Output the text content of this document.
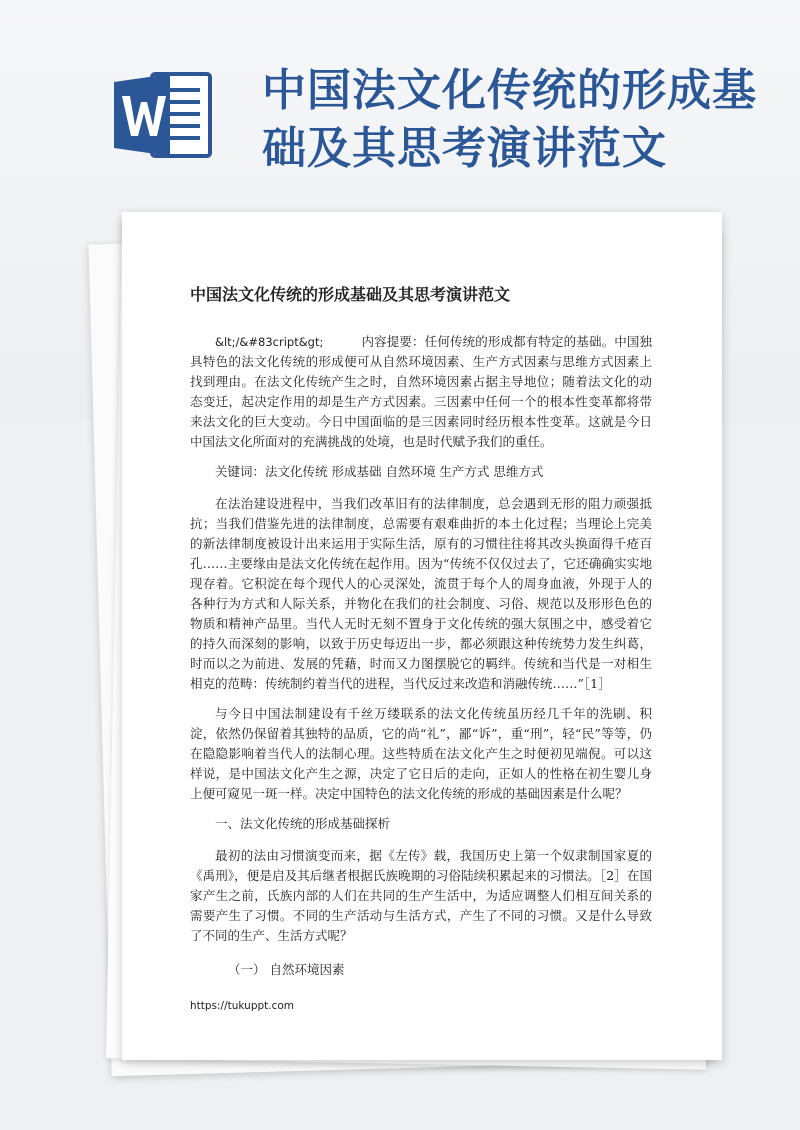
中国法文化传统的形成基础及其思考演讲范文
中国法文化传统的形成基础及其思考演讲范文

&lt;/&#83cript&gt;	内容提要：任何传统的形成都有特定的基础。中国独具特色的法文化传统的形成便可从自然环境因素、生产方式因素与思维方式因素上找到理由。在法文化传统产生之时，自然环境因素占据主导地位；随着法文化的动态变迁，起决定作用的却是生产方式因素。三因素中任何一个的根本性变革都将带来法文化的巨大变动。今日中国面临的是三因素同时经历根本性变革。这就是今日中国法文化所面对的充满挑战的处境，也是时代赋予我们的重任。

关键词：法文化传统 形成基础 自然环境 生产方式 思维方式

在法治建设进程中，当我们改革旧有的法律制度，总会遇到无形的阻力顽强抵抗；当我们借鉴先进的法律制度，总需要有艰难曲折的本土化过程；当理论上完美的新法律制度被设计出来运用于实际生活，原有的习惯往往将其改头换面得千疮百孔……主要缘由是法文化传统在起作用。因为“传统不仅仅过去了，它还确确实实地现存着。它积淀在每个现代人的心灵深处，流贯于每个人的周身血液，外现于人的各种行为方式和人际关系，并物化在我们的社会制度、习俗、规范以及形形色色的物质和精神产品里。当代人无时无刻不置身于文化传统的强大氛围之中，感受着它的持久而深刻的影响，以致于历史每迈出一步，都必须跟这种传统势力发生纠葛，时而以之为前进、发展的凭藉，时而又力图摆脱它的羁绊。传统和当代是一对相生相克的范畴：传统制约着当代的进程，当代反过来改造和消融传统……”［1］

与今日中国法制建设有千丝万缕联系的法文化传统虽历经几千年的洗刷、积淀，依然仍保留着其独特的品质，它的尚“礼”，鄙“诉”，重“刑”，轻“民”等等，仍在隐隐影响着当代人的法制心理。这些特质在法文化产生之时便初见端倪。可以这样说，是中国法文化产生之源，决定了它日后的走向，正如人的性格在初生婴儿身上便可窥见一斑一样。决定中国特色的法文化传统的形成的基础因素是什么呢？

一、法文化传统的形成基础探析

最初的法由习惯演变而来，据《左传》载，我国历史上第一个奴隶制国家夏的《禹刑》，便是启及其后继者根据氏族晚期的习俗陆续积累起来的习惯法。［2］在国家产生之前，氏族内部的人们在共同的生产生活中，为适应调整人们相互间关系的需要产生了习惯。不同的生产活动与生活方式，产生了不同的习惯。又是什么导致了不同的生产、生活方式呢？

（一） 自然环境因素

https://tukuppt.com
